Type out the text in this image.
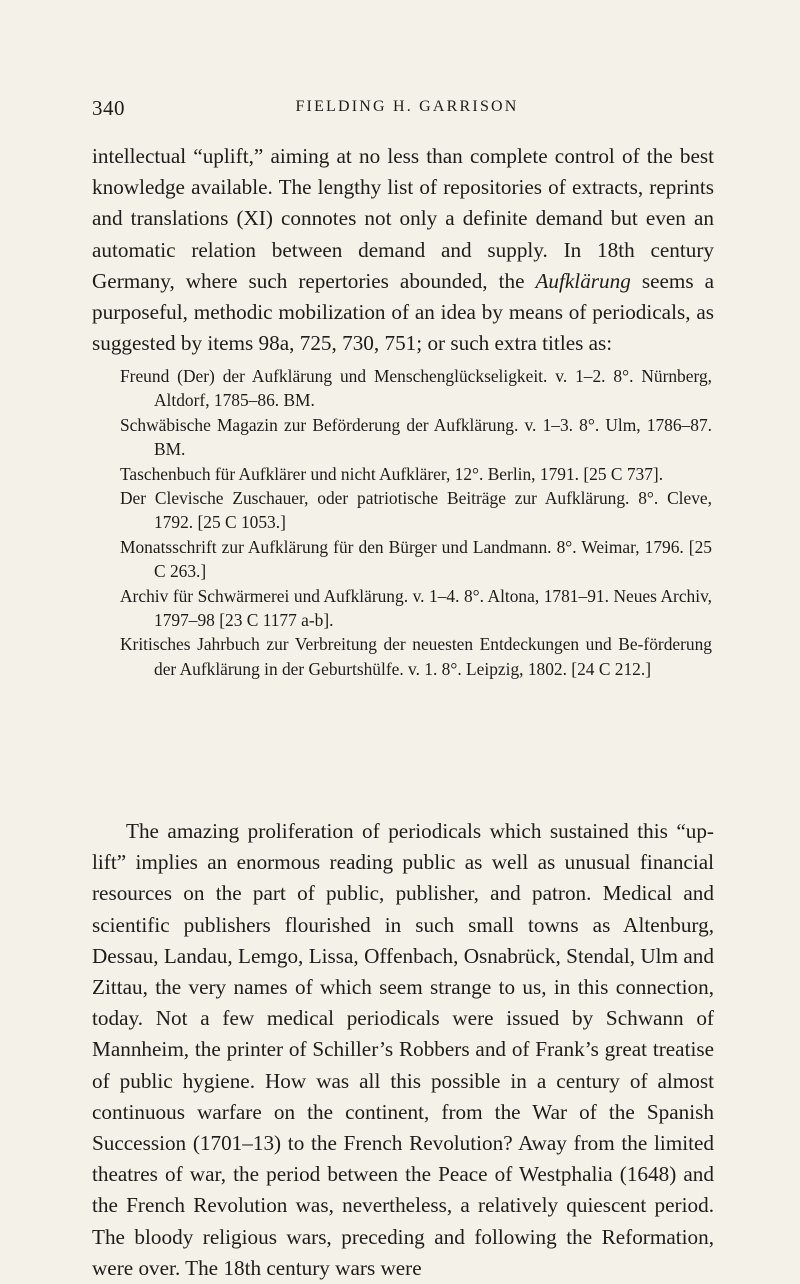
340	FIELDING H. GARRISON

intellectual “uplift,” aiming at no less than complete control of the best knowledge available. The lengthy list of repositories of extracts, reprints and translations (XI) connotes not only a definite demand but even an automatic relation between demand and supply. In 18th century Germany, where such repertories abounded, the Aufklärung seems a purposeful, methodic mobilization of an idea by means of periodicals, as suggested by items 98a, 725, 730, 751; or such extra titles as:

Freund (Der) der Aufklärung und Menschenglückseligkeit. v. 1–2. 8°. Nürnberg, Altdorf, 1785–86. BM.
Schwäbische Magazin zur Beförderung der Aufklärung. v. 1–3. 8°. Ulm, 1786–87. BM.
Taschenbuch für Aufklärer und nicht Aufklärer, 12°. Berlin, 1791. [25 C 737].
Der Clevische Zuschauer, oder patriotische Beiträge zur Aufklärung. 8°. Cleve, 1792. [25 C 1053.]
Monatsschrift zur Aufklärung für den Bürger und Landmann. 8°. Weimar, 1796. [25 C 263.]
Archiv für Schwärmerei und Aufklärung. v. 1–4. 8°. Altona, 1781–91. Neues Archiv, 1797–98 [23 C 1177 a-b].
Kritisches Jahrbuch zur Verbreitung der neuesten Entdeckungen und Be-förderung der Aufklärung in der Geburtshülfe. v. 1. 8°. Leipzig, 1802. [24 C 212.]

The amazing proliferation of periodicals which sustained this “up-lift” implies an enormous reading public as well as unusual financial resources on the part of public, publisher, and patron. Medical and scientific publishers flourished in such small towns as Altenburg, Dessau, Landau, Lemgo, Lissa, Offenbach, Osnabrück, Stendal, Ulm and Zittau, the very names of which seem strange to us, in this connection, today. Not a few medical periodicals were issued by Schwann of Mannheim, the printer of Schiller’s Robbers and of Frank’s great treatise of public hygiene. How was all this possible in a century of almost continuous warfare on the continent, from the War of the Spanish Succession (1701–13) to the French Revolution? Away from the limited theatres of war, the period between the Peace of Westphalia (1648) and the French Revolution was, nevertheless, a relatively quiescent period. The bloody religious wars, preceding and following the Reformation, were over. The 18th century wars were
